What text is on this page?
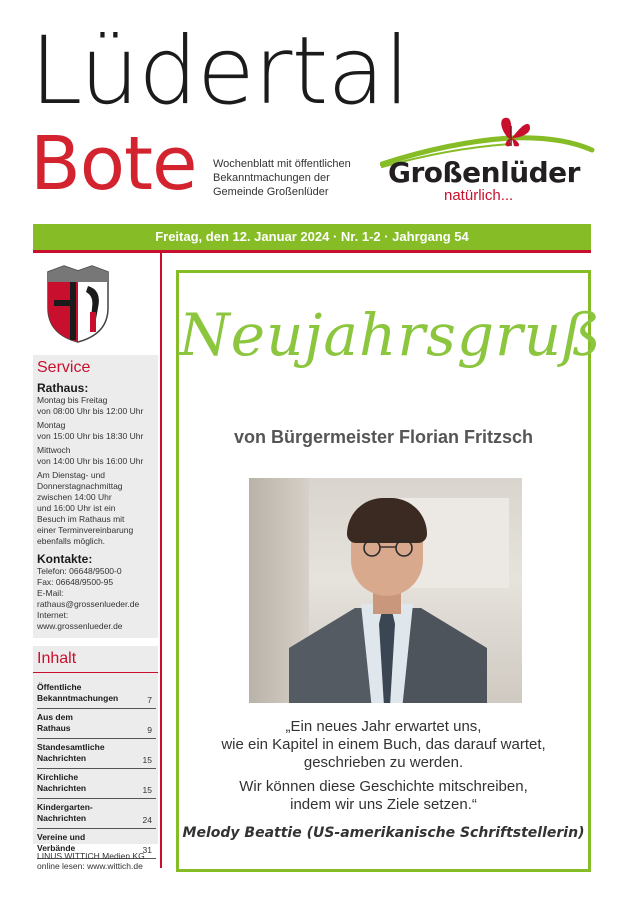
Lüdertal
Bote Wochenblatt mit öffentlichen
Bekanntmachungen der
Gemeinde Großenlüder
Großenlüder
natürlich...
Freitag, den 12. Januar 2024 · Nr. 1-2 · Jahrgang 54
Service
Rathaus:
Montag bis Freitag
von 08:00 Uhr bis 12:00 Uhr
Montag
von 15:00 Uhr bis 18:30 Uhr
Mittwoch
von 14:00 Uhr bis 16:00 Uhr
Am Dienstag- und
Donnerstagnachmittag
zwischen 14:00 Uhr
und 16:00 Uhr ist ein
Besuch im Rathaus mit
einer Terminvereinbarung
ebenfalls möglich.
Kontakte:
Telefon: 06648/9500-0
Fax: 06648/9500-95
E-Mail:
rathaus@grossenlueder.de
Internet:
www.grossenlueder.de
Inhalt
Öffentliche
Bekanntmachungen	7
Aus dem
Rathaus	9
Standesamtliche
Nachrichten	15
Kirchliche
Nachrichten	15
Kindergarten-
Nachrichten	24
Vereine und
Verbände	31
LINUS WITTICH Medien KG
online lesen: www.wittich.de
Neujahrsgruß
von Bürgermeister Florian Fritzsch

„Ein neues Jahr erwartet uns,

wie ein Kapitel in einem Buch, das darauf wartet,

geschrieben zu werden.

Wir können diese Geschichte mitschreiben,

indem wir uns Ziele setzen.“

Melody Beattie (US-amerikanische Schriftstellerin)
